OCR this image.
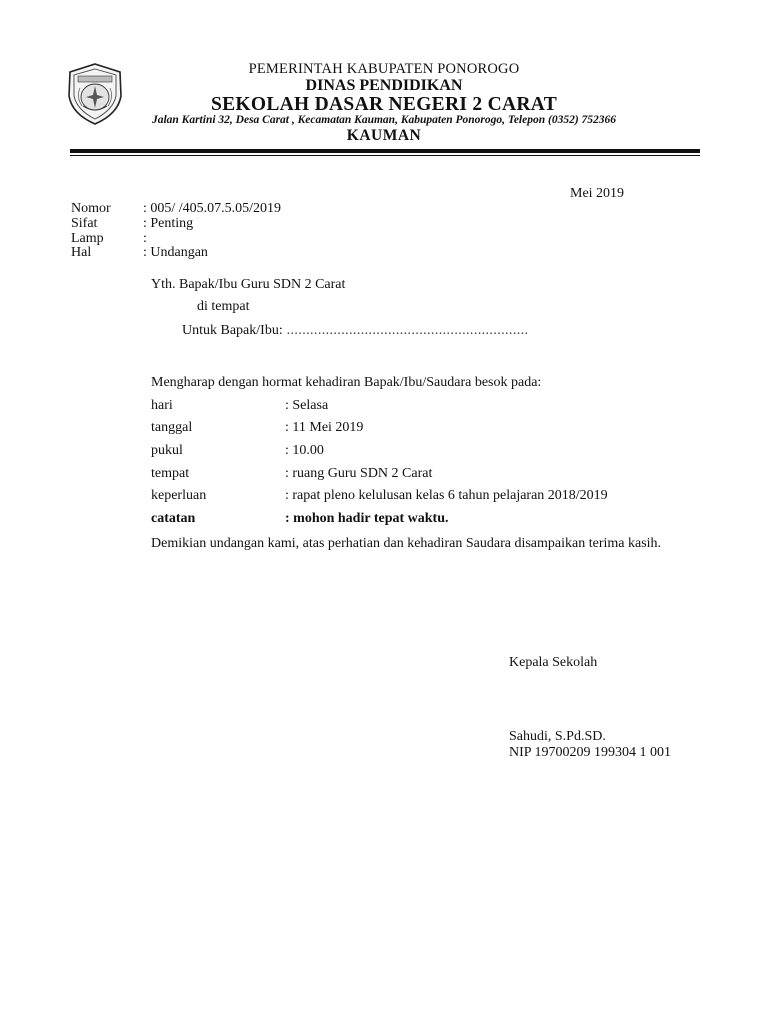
PEMERINTAH KABUPATEN PONOROGO
DINAS PENDIDIKAN
SEKOLAH DASAR NEGERI 2 CARAT
Jalan Kartini 32, Desa Carat , Kecamatan Kauman, Kabupaten Ponorogo, Telepon (0352) 752366
KAUMAN
Mei 2019
Nomor : 005/ /405.07.5.05/2019
Sifat	: Penting
Lamp	:
Hal	: Undangan
Yth. Bapak/Ibu Guru SDN 2 Carat
di tempat
Untuk Bapak/Ibu: ..............................................................
Mengharap dengan hormat kehadiran Bapak/Ibu/Saudara besok pada:
hari	: Selasa
tanggal	: 11 Mei 2019
pukul	: 10.00
tempat	: ruang Guru SDN 2 Carat
keperluan	: rapat pleno kelulusan kelas 6 tahun pelajaran 2018/2019
catatan	: mohon hadir tepat waktu.
Demikian undangan kami, atas perhatian dan kehadiran Saudara disampaikan terima kasih.
Kepala Sekolah
Sahudi, S.Pd.SD.
NIP 19700209 199304 1 001
